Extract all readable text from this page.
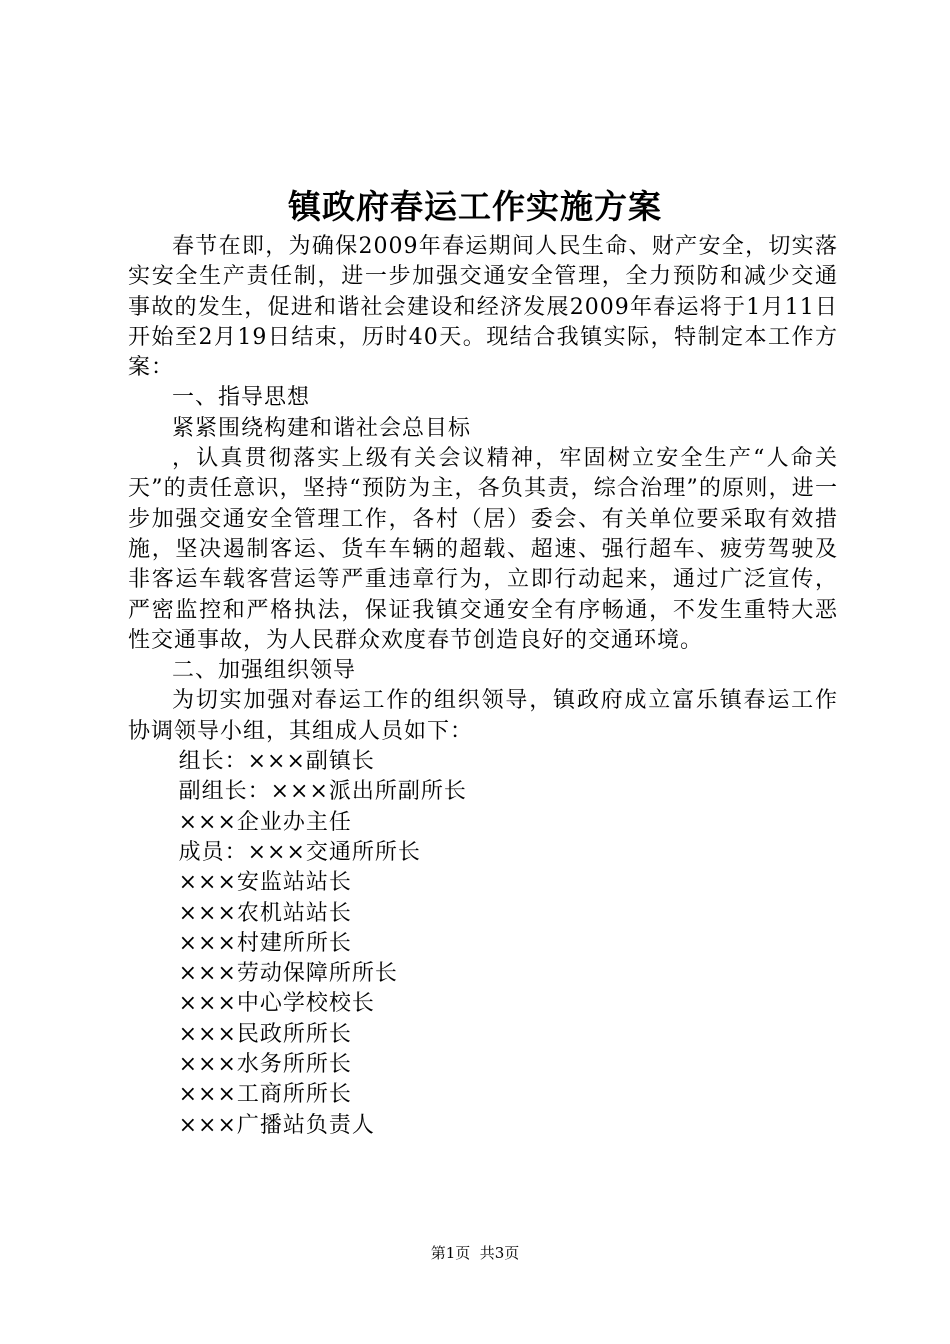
镇政府春运工作实施方案

春节在即，为确保2009年春运期间人民生命、财产安全，切实落实安全生产责任制，进一步加强交通安全管理，全力预防和减少交通事故的发生，促进和谐社会建设和经济发展2009年春运将于1月11日开始至2月19日结束，历时40天。现结合我镇实际，特制定本工作方案：

一、指导思想

紧紧围绕构建和谐社会总目标

，认真贯彻落实上级有关会议精神，牢固树立安全生产“人命关天”的责任意识，坚持“预防为主，各负其责，综合治理”的原则，进一步加强交通安全管理工作，各村（居）委会、有关单位要采取有效措施，坚决遏制客运、货车车辆的超载、超速、强行超车、疲劳驾驶及非客运车载客营运等严重违章行为，立即行动起来，通过广泛宣传，严密监控和严格执法，保证我镇交通安全有序畅通，不发生重特大恶性交通事故，为人民群众欢度春节创造良好的交通环境。

二、加强组织领导

为切实加强对春运工作的组织领导，镇政府成立富乐镇春运工作协调领导小组，其组成人员如下：

组长：×××副镇长

副组长：×××派出所副所长

×××企业办主任

成员：×××交通所所长

×××安监站站长

×××农机站站长

×××村建所所长

×××劳动保障所所长

×××中心学校校长

×××民政所所长

×××水务所所长

×××工商所所长

×××广播站负责人

第1页  共3页
